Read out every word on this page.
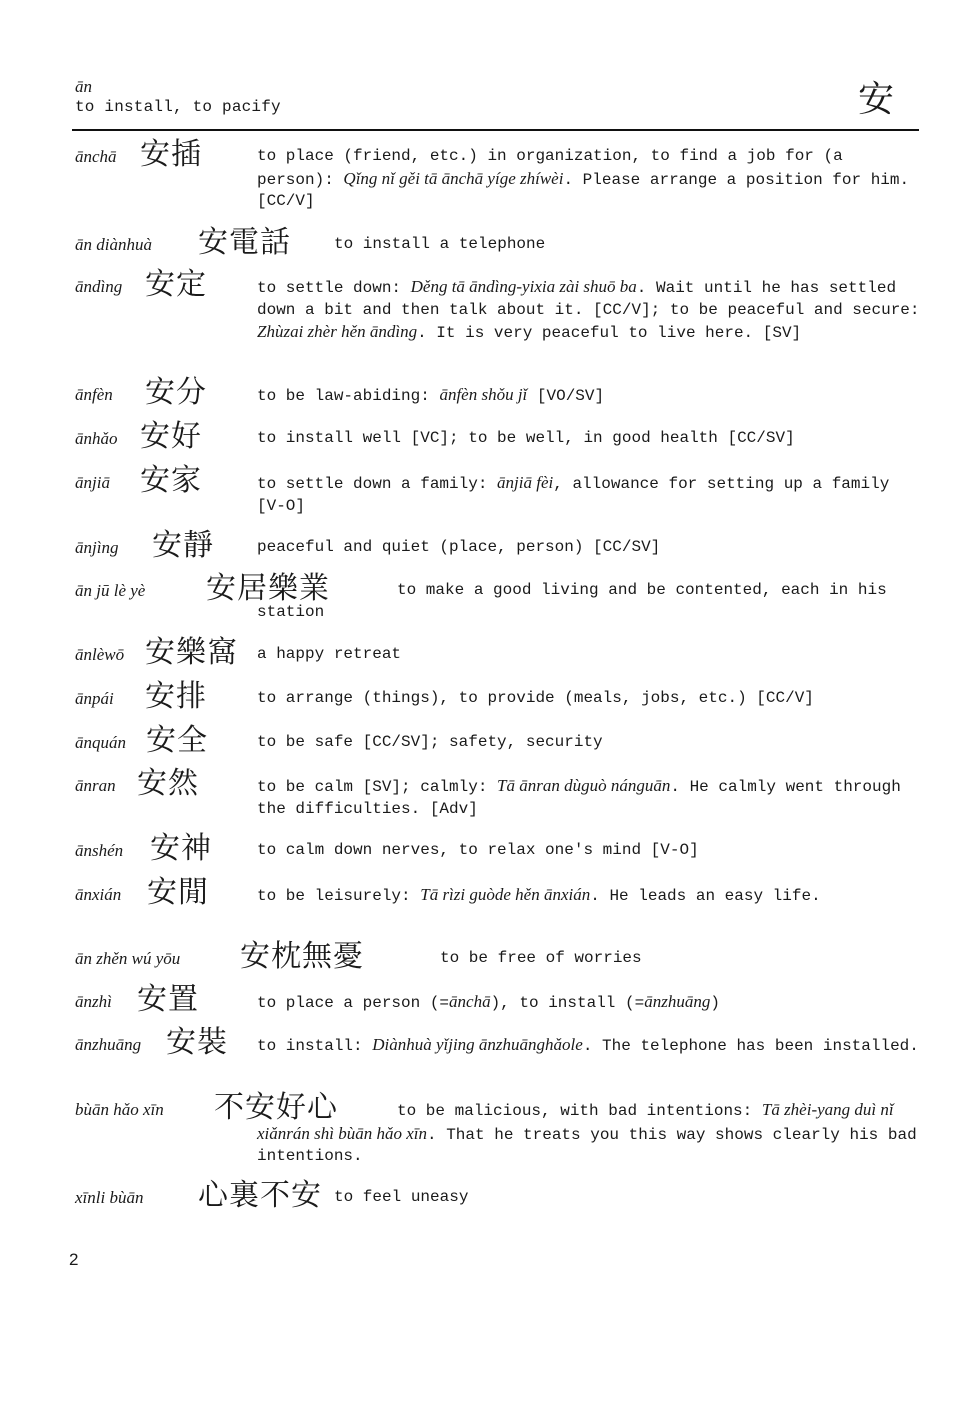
ān
to install, to pacify	安
ānchā 安插	to place (friend, etc.) in organization, to find a job for (a person): Qǐng nǐ gěi tā ānchā yíge zhíwèi. Please arrange a position for him. [CC/V]
ān diànhuà 安電話	to install a telephone
āndìng 安定	to settle down: Děng tā āndìng-yixia zài shuō ba. Wait until he has settled down a bit and then talk about it. [CC/V]; to be peaceful and secure: Zhùzai zhèr hěn āndìng. It is very peaceful to live here. [SV]
ānfèn 安分	to be law-abiding: ānfèn shǒu jǐ [VO/SV]
ānhǎo 安好	to install well [VC]; to be well, in good health [CC/SV]
ānjiā 安家	to settle down a family: ānjiā fèi, allowance for setting up a family [V-O]
ānjìng 安靜	peaceful and quiet (place, person) [CC/SV]
ān jū lè yè 安居樂業	to make a good living and be contented, each in his station
ānlèwō 安樂窩 a happy retreat
ānpái 安排	to arrange (things), to provide (meals, jobs, etc.) [CC/V]
ānquán 安全	to be safe [CC/SV]; safety, security
ānran 安然	to be calm [SV]; calmly: Tā ānran dùguò nánguān. He calmly went through the difficulties. [Adv]
ānshén 安神	to calm down nerves, to relax one's mind [V-O]
ānxián 安閒	to be leisurely: Tā rìzi guòde hěn ānxián. He leads an easy life.
ān zhěn wú yōu 安枕無憂	to be free of worries
ānzhì 安置	to place a person (=ānchā), to install (=ānzhuāng)
ānzhuāng 安裝 to install: Diànhuà yǐjing ānzhuānghǎole. The telephone has been installed.
bùān hǎo xīn 不安好心	to be malicious, with bad intentions: Tā zhèi-yang duì nǐ xiǎnrán shì bùān hǎo xīn. That he treats you this way shows clearly his bad intentions.
xīnli bùān 心裏不安 to feel uneasy
2
